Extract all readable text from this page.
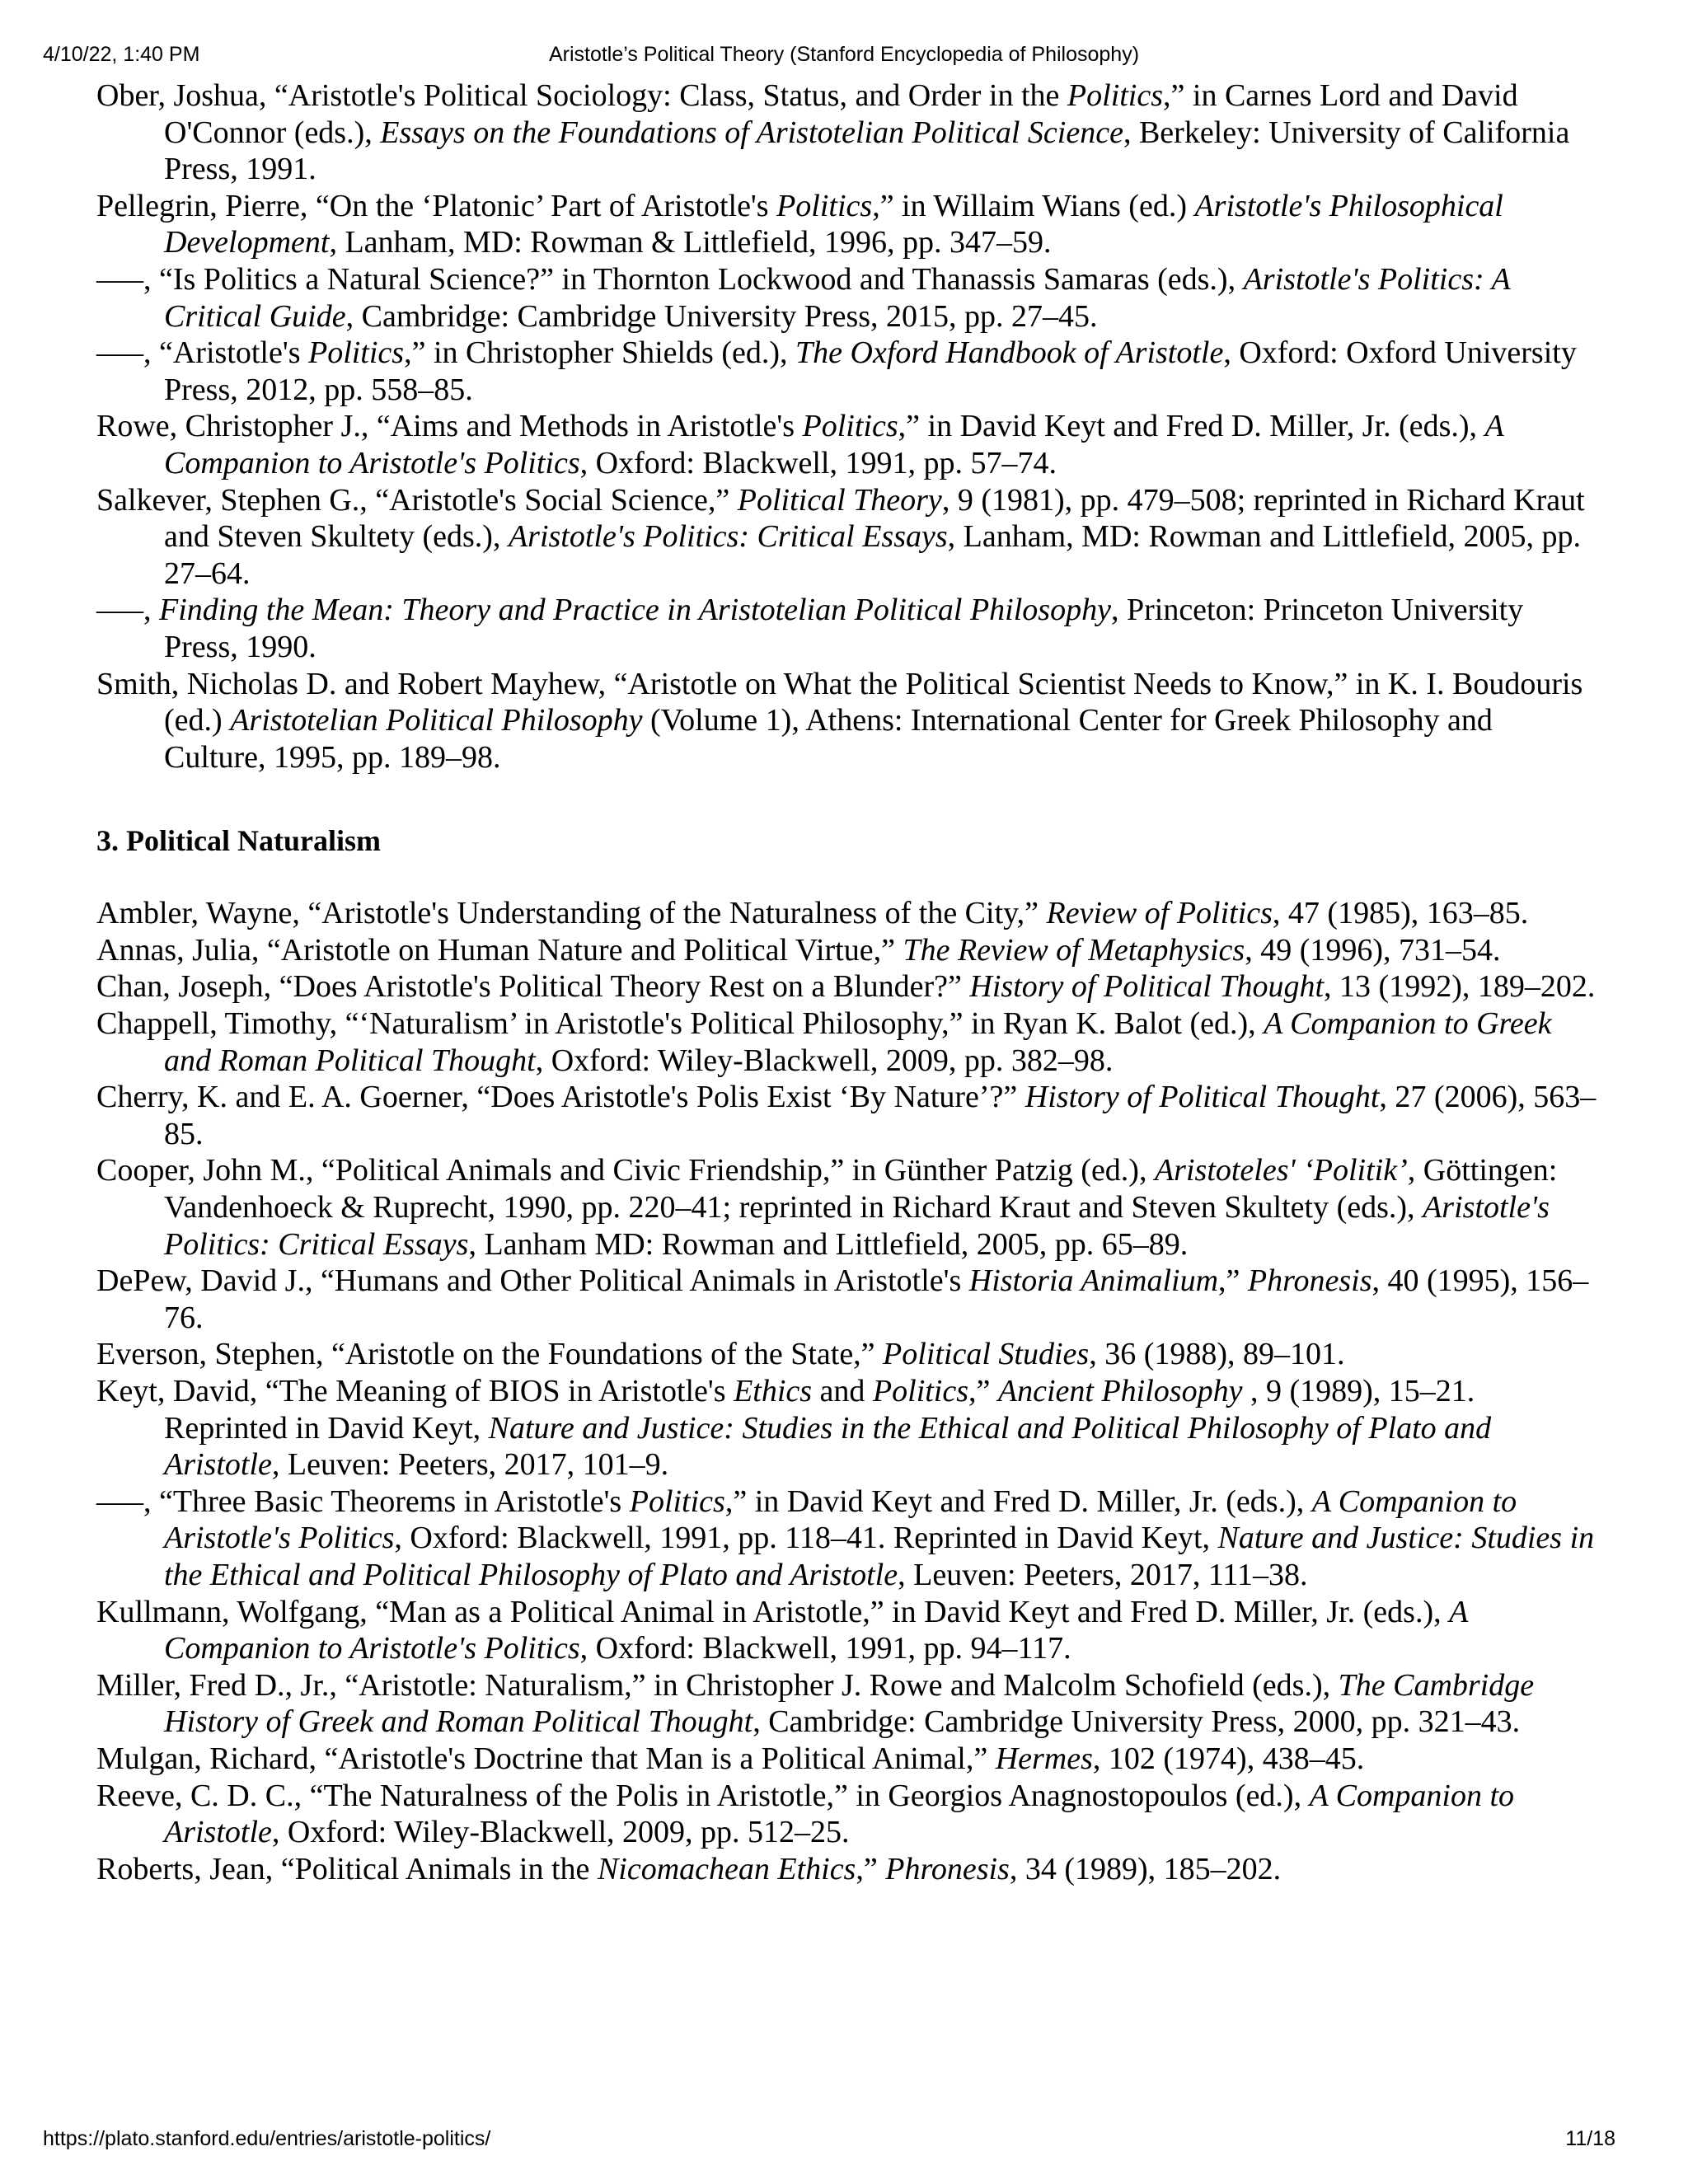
4/10/22, 1:40 PM	Aristotle’s Political Theory (Stanford Encyclopedia of Philosophy)

Ober, Joshua, “Aristotle's Political Sociology: Class, Status, and Order in the Politics,” in Carnes Lord and David O'Connor (eds.), Essays on the Foundations of Aristotelian Political Science, Berkeley: University of California Press, 1991.

Pellegrin, Pierre, “On the ‘Platonic’ Part of Aristotle's Politics,” in Willaim Wians (ed.) Aristotle's Philosophical Development, Lanham, MD: Rowman & Littlefield, 1996, pp. 347–59.

–––, “Is Politics a Natural Science?” in Thornton Lockwood and Thanassis Samaras (eds.), Aristotle's Politics: A Critical Guide, Cambridge: Cambridge University Press, 2015, pp. 27–45.

–––, “Aristotle's Politics,” in Christopher Shields (ed.), The Oxford Handbook of Aristotle, Oxford: Oxford University Press, 2012, pp. 558–85.

Rowe, Christopher J., “Aims and Methods in Aristotle's Politics,” in David Keyt and Fred D. Miller, Jr. (eds.), A Companion to Aristotle's Politics, Oxford: Blackwell, 1991, pp. 57–74.

Salkever, Stephen G., “Aristotle's Social Science,” Political Theory, 9 (1981), pp. 479–508; reprinted in Richard Kraut and Steven Skultety (eds.), Aristotle's Politics: Critical Essays, Lanham, MD: Rowman and Littlefield, 2005, pp. 27–64.

–––, Finding the Mean: Theory and Practice in Aristotelian Political Philosophy, Princeton: Princeton University Press, 1990.

Smith, Nicholas D. and Robert Mayhew, “Aristotle on What the Political Scientist Needs to Know,” in K. I. Boudouris (ed.) Aristotelian Political Philosophy (Volume 1), Athens: International Center for Greek Philosophy and Culture, 1995, pp. 189–98.

3. Political Naturalism

Ambler, Wayne, “Aristotle's Understanding of the Naturalness of the City,” Review of Politics, 47 (1985), 163–85.

Annas, Julia, “Aristotle on Human Nature and Political Virtue,” The Review of Metaphysics, 49 (1996), 731–54.

Chan, Joseph, “Does Aristotle's Political Theory Rest on a Blunder?” History of Political Thought, 13 (1992), 189–202.

Chappell, Timothy, “‘Naturalism’ in Aristotle's Political Philosophy,” in Ryan K. Balot (ed.), A Companion to Greek and Roman Political Thought, Oxford: Wiley-Blackwell, 2009, pp. 382–98.

Cherry, K. and E. A. Goerner, “Does Aristotle's Polis Exist ‘By Nature’?” History of Political Thought, 27 (2006), 563–85.

Cooper, John M., “Political Animals and Civic Friendship,” in Günther Patzig (ed.), Aristoteles' ‘Politik’, Göttingen: Vandenhoeck & Ruprecht, 1990, pp. 220–41; reprinted in Richard Kraut and Steven Skultety (eds.), Aristotle's Politics: Critical Essays, Lanham MD: Rowman and Littlefield, 2005, pp. 65–89.

DePew, David J., “Humans and Other Political Animals in Aristotle's Historia Animalium,” Phronesis, 40 (1995), 156–76.

Everson, Stephen, “Aristotle on the Foundations of the State,” Political Studies, 36 (1988), 89–101.

Keyt, David, “The Meaning of BIOS in Aristotle's Ethics and Politics,” Ancient Philosophy , 9 (1989), 15–21. Reprinted in David Keyt, Nature and Justice: Studies in the Ethical and Political Philosophy of Plato and Aristotle, Leuven: Peeters, 2017, 101–9.

–––, “Three Basic Theorems in Aristotle's Politics,” in David Keyt and Fred D. Miller, Jr. (eds.), A Companion to Aristotle's Politics, Oxford: Blackwell, 1991, pp. 118–41. Reprinted in David Keyt, Nature and Justice: Studies in the Ethical and Political Philosophy of Plato and Aristotle, Leuven: Peeters, 2017, 111–38.

Kullmann, Wolfgang, “Man as a Political Animal in Aristotle,” in David Keyt and Fred D. Miller, Jr. (eds.), A Companion to Aristotle's Politics, Oxford: Blackwell, 1991, pp. 94–117.

Miller, Fred D., Jr., “Aristotle: Naturalism,” in Christopher J. Rowe and Malcolm Schofield (eds.), The Cambridge History of Greek and Roman Political Thought, Cambridge: Cambridge University Press, 2000, pp. 321–43.

Mulgan, Richard, “Aristotle's Doctrine that Man is a Political Animal,” Hermes, 102 (1974), 438–45.

Reeve, C. D. C., “The Naturalness of the Polis in Aristotle,” in Georgios Anagnostopoulos (ed.), A Companion to Aristotle, Oxford: Wiley-Blackwell, 2009, pp. 512–25.

Roberts, Jean, “Political Animals in the Nicomachean Ethics,” Phronesis, 34 (1989), 185–202.

https://plato.stanford.edu/entries/aristotle-politics/	11/18
